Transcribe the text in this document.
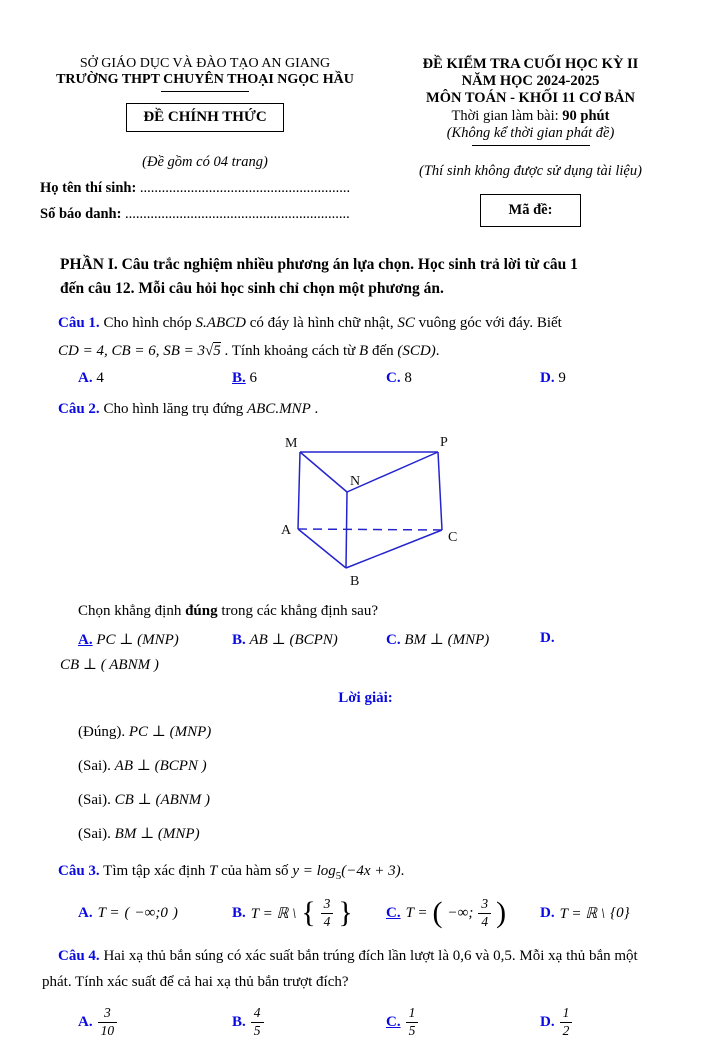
SỞ GIÁO DỤC VÀ ĐÀO TẠO AN GIANG
TRƯỜNG THPT CHUYÊN THOẠI NGỌC HẦU
ĐỀ CHÍNH THỨC
(Đề gồm có 04 trang)
Họ tên thí sinh: ..........................................................
Số báo danh: ..............................................................
ĐỀ KIỂM TRA CUỐI HỌC KỲ II
NĂM HỌC 2024-2025
MÔN TOÁN - KHỐI 11 CƠ BẢN
Thời gian làm bài: 90 phút
(Không kể thời gian phát đề)
(Thí sinh không được sử dụng tài liệu)
Mã đề:
PHẦN I. Câu trắc nghiệm nhiều phương án lựa chọn. Học sinh trả lời từ câu 1
đến câu 12. Mỗi câu hỏi học sinh chỉ chọn một phương án.
Câu 1. Cho hình chóp S.ABCD có đáy là hình chữ nhật, SC vuông góc với đáy. Biết
CD = 4, CB = 6, SB = 3√5 . Tính khoảng cách từ B đến (SCD).
A. 4	B. 6	C. 8	D. 9
Câu 2. Cho hình lăng trụ đứng ABC.MNP .
M	P
N
A	C
B
Chọn khẳng định đúng trong các khẳng định sau?
A. PC ⊥ (MNP)	B. AB ⊥ (BCPN)	C. BM ⊥ (MNP)	D.
CB ⊥ ( ABNM )
Lời giải:
(Đúng). PC ⊥ (MNP)
(Sai). AB ⊥ (BCPN )
(Sai). CB ⊥ (ABNM )
(Sai). BM ⊥ (MNP)
Câu 3. Tìm tập xác định T của hàm số $y = \log_5(-4x + 3)$.
A. T = ( −∞;0 )	B. T = ℝ \ { $\frac{3}{4}$ } C. T = ( −∞; $\frac{3}{4}$ ) D. T = ℝ \ {0}
Câu 4. Hai xạ thủ bắn súng có xác suất bắn trúng đích lần lượt là 0,6 và 0,5. Mỗi xạ thủ bắn một
phát. Tính xác suất để cả hai xạ thủ bắn trượt đích?
A. $\frac{3}{10}$	B. $\frac{4}{5}$	C. $\frac{1}{5}$	D. $\frac{1}{2}$
